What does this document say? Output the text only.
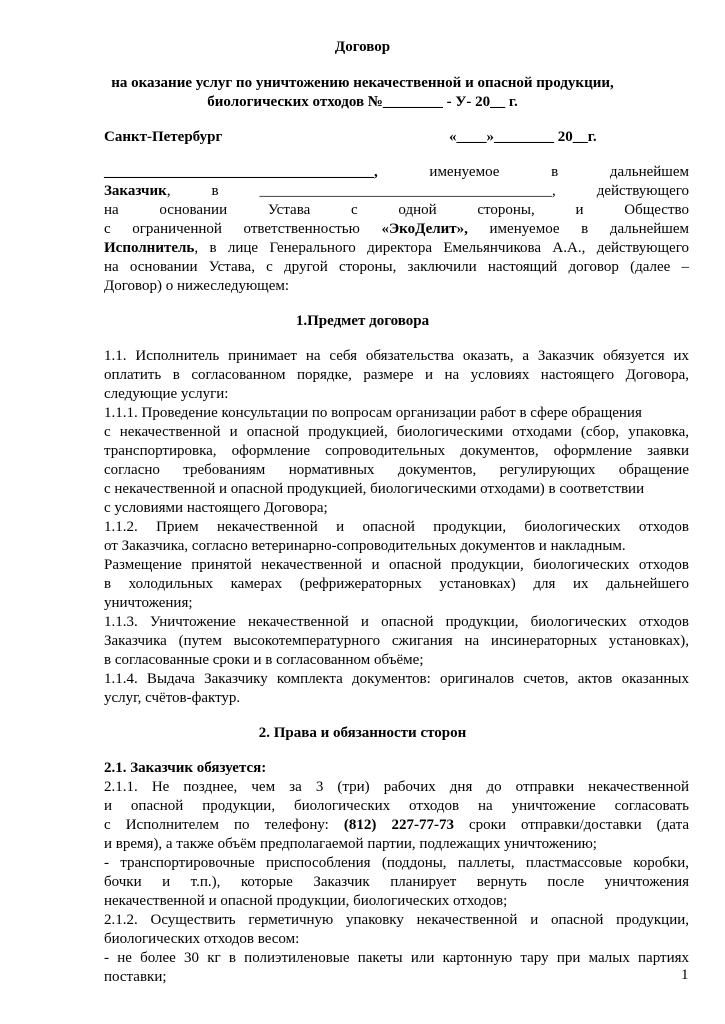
Договор
на оказание услуг по уничтожению некачественной и опасной продукции,
биологических отходов №________ - У- 20__ г.
Санкт-Петербург	«____»________ 20__г.
____________________________________, именуемое в дальнейшем
Заказчик, в _______________________________________, действующего
на основании Устава с одной стороны, и Общество
с ограниченной ответственностью «ЭкоДелит», именуемое в дальнейшем
Исполнитель, в лице Генерального директора Емельянчикова А.А., действующего
на основании Устава, с другой стороны, заключили настоящий договор (далее –
Договор) о нижеследующем:
1.Предмет договора
1.1. Исполнитель принимает на себя обязательства оказать, а Заказчик обязуется их
оплатить в согласованном порядке, размере и на условиях настоящего Договора,
следующие услуги:
1.1.1. Проведение консультации по вопросам организации работ в сфере обращения
с некачественной и опасной продукцией, биологическими отходами (сбор, упаковка,
транспортировка, оформление сопроводительных документов, оформление заявки
согласно требованиям нормативных документов, регулирующих обращение
с некачественной и опасной продукцией, биологическими отходами) в соответствии
с условиями настоящего Договора;
1.1.2. Прием некачественной и опасной продукции, биологических отходов
от Заказчика, согласно ветеринарно-сопроводительных документов и накладным.
Размещение принятой некачественной и опасной продукции, биологических отходов
в холодильных камерах (рефрижераторных установках) для их дальнейшего
уничтожения;
1.1.3. Уничтожение некачественной и опасной продукции, биологических отходов
Заказчика (путем высокотемпературного сжигания на инсинераторных установках),
в согласованные сроки и в согласованном объёме;
1.1.4. Выдача Заказчику комплекта документов: оригиналов счетов, актов оказанных
услуг, счётов-фактур.
2. Права и обязанности сторон
2.1. Заказчик обязуется:
2.1.1. Не позднее, чем за 3 (три) рабочих дня до отправки некачественной
и опасной продукции, биологических отходов на уничтожение согласовать
с Исполнителем по телефону: (812) 227-77-73 сроки отправки/доставки (дата
и время), а также объём предполагаемой партии, подлежащих уничтожению;
- транспортировочные приспособления (поддоны, паллеты, пластмассовые коробки,
бочки и т.п.), которые Заказчик планирует вернуть после уничтожения
некачественной и опасной продукции, биологических отходов;
2.1.2. Осуществить герметичную упаковку некачественной и опасной продукции,
биологических отходов весом:
- не более 30 кг в полиэтиленовые пакеты или картонную тару при малых партиях
поставки;	1
